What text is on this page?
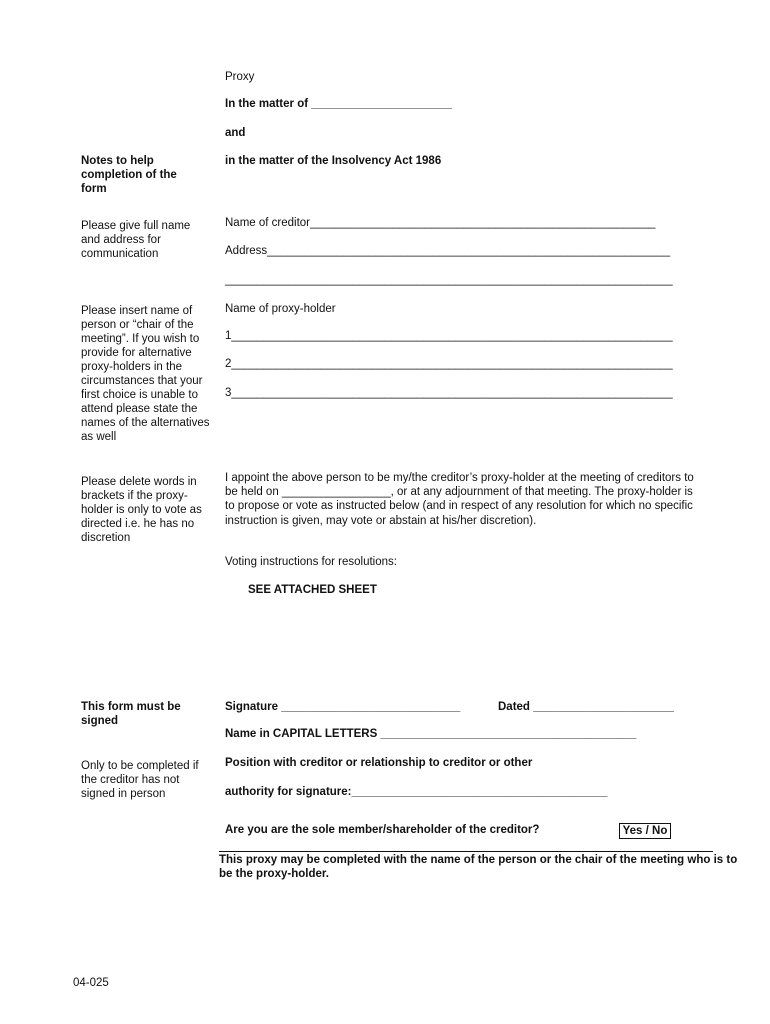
Proxy
In the matter of ______________________
and
in the matter of the Insolvency Act 1986
Notes to help completion of the form
Please give full name and address for communication
Please insert name of person or “chair of the meeting”. If you wish to provide for alternative proxy-holders in the circumstances that your first choice is unable to attend please state the names of the alternatives as well
Please delete words in brackets if the proxy-holder is only to vote as directed i.e. he has no discretion
This form must be signed
Only to be completed if the creditor has not signed in person
Name of creditor______________________________________________________
Address_______________________________________________________________
______________________________________________________________________
Name of proxy-holder
1_____________________________________________________________________
2_____________________________________________________________________
3_____________________________________________________________________
I appoint the above person to be my/the creditor’s proxy-holder at the meeting of creditors to be held on _________________, or at any adjournment of that meeting. The proxy-holder is to propose or vote as instructed below (and in respect of any resolution for which no specific instruction is given, may vote or abstain at his/her discretion).
Voting instructions for resolutions:
SEE ATTACHED SHEET
Signature ____________________________	Dated ______________________
Name in CAPITAL LETTERS ________________________________________
Position with creditor or relationship to creditor or other
authority for signature:________________________________________
Are you are the sole member/shareholder of the creditor?	Yes / No
This proxy may be completed with the name of the person or the chair of the meeting who is to be the proxy-holder.
04-025
